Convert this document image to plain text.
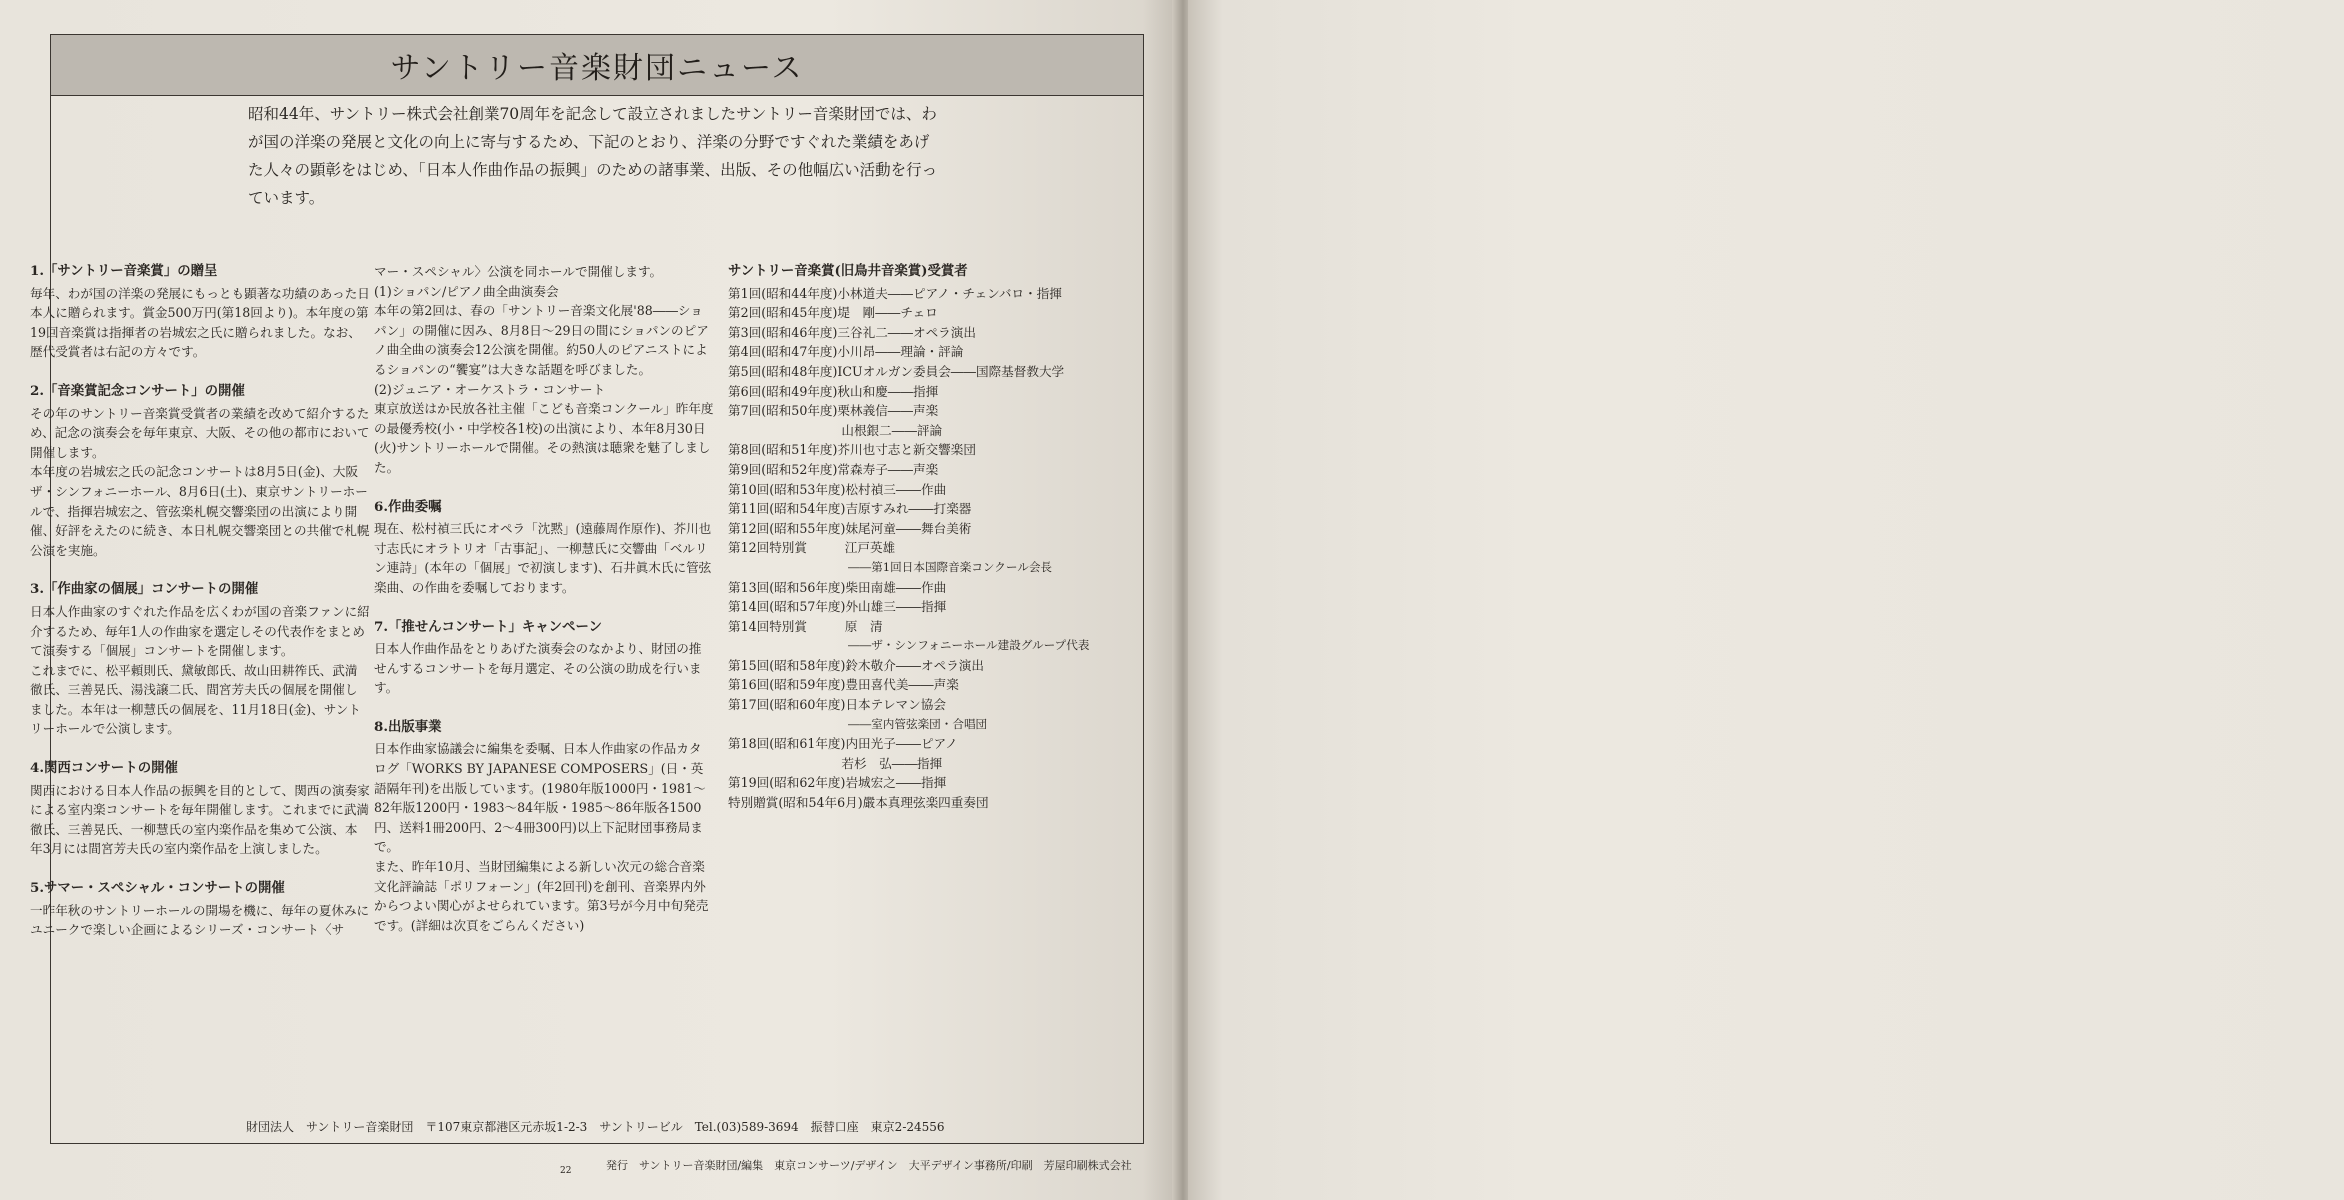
サントリー音楽財団ニュース
昭和44年、サントリー株式会社創業70周年を記念して設立されましたサントリー音楽財団では、わが国の洋楽の発展と文化の向上に寄与するため、下記のとおり、洋楽の分野ですぐれた業績をあげた人々の顕彰をはじめ、「日本人作曲作品の振興」のための諸事業、出版、その他幅広い活動を行っています。
1.「サントリー音楽賞」の贈呈
毎年、わが国の洋楽の発展にもっとも顕著な功績のあった日本人に贈られます。賞金500万円(第18回より)。本年度の第19回音楽賞は指揮者の岩城宏之氏に贈られました。なお、歴代受賞者は右記の方々です。
2.「音楽賞記念コンサート」の開催
その年のサントリー音楽賞受賞者の業績を改めて紹介するため、記念の演奏会を毎年東京、大阪、その他の都市において開催します。
本年度の岩城宏之氏の記念コンサートは8月5日(金)、大阪ザ・シンフォニーホール、8月6日(土)、東京サントリーホールで、指揮岩城宏之、管弦楽札幌交響楽団の出演により開催、好評をえたのに続き、本日札幌交響楽団との共催で札幌公演を実施。
3.「作曲家の個展」コンサートの開催
日本人作曲家のすぐれた作品を広くわが国の音楽ファンに紹介するため、毎年1人の作曲家を選定しその代表作をまとめて演奏する「個展」コンサートを開催します。
これまでに、松平頼則氏、黛敏郎氏、故山田耕筰氏、武満徹氏、三善晃氏、湯浅譲二氏、間宮芳夫氏の個展を開催しました。本年は一柳慧氏の個展を、11月18日(金)、サントリーホールで公演します。
4.関西コンサートの開催
関西における日本人作品の振興を目的として、関西の演奏家による室内楽コンサートを毎年開催します。これまでに武満徹氏、三善晃氏、一柳慧氏の室内楽作品を集めて公演、本年3月には間宮芳夫氏の室内楽作品を上演しました。
5.サマー・スペシャル・コンサートの開催
一昨年秋のサントリーホールの開場を機に、毎年の夏休みにユニークで楽しい企画によるシリーズ・コンサート〈サ
マー・スペシャル〉公演を同ホールで開催します。
(1)ショパン/ピアノ曲全曲演奏会
本年の第2回は、春の「サントリー音楽文化展'88――ショパン」の開催に因み、8月8日〜29日の間にショパンのピアノ曲全曲の演奏会12公演を開催。約50人のピアニストによるショパンの“饗宴”は大きな話題を呼びました。
(2)ジュニア・オーケストラ・コンサート
東京放送はか民放各社主催「こども音楽コンクール」昨年度の最優秀校(小・中学校各1校)の出演により、本年8月30日(火)サントリーホールで開催。その熱演は聴衆を魅了しました。
6.作曲委嘱
現在、松村禎三氏にオペラ「沈黙」(遠藤周作原作)、芥川也寸志氏にオラトリオ「古事記」、一柳慧氏に交響曲「ベルリン連詩」(本年の「個展」で初演します)、石井眞木氏に管弦楽曲、の作曲を委嘱しております。
7.「推せんコンサート」キャンペーン
日本人作曲作品をとりあげた演奏会のなかより、財団の推せんするコンサートを毎月選定、その公演の助成を行います。
8.出版事業
日本作曲家協議会に編集を委嘱、日本人作曲家の作品カタログ「WORKS BY JAPANESE COMPOSERS」(日・英語隔年刊)を出版しています。(1980年版1000円・1981〜82年版1200円・1983〜84年版・1985〜86年版各1500円、送料1冊200円、2〜4冊300円)以上下記財団事務局まで。
また、昨年10月、当財団編集による新しい次元の総合音楽文化評論誌「ポリフォーン」(年2回刊)を創刊、音楽界内外からつよい関心がよせられています。第3号が今月中旬発売です。(詳細は次頁をごらんください)
サントリー音楽賞(旧鳥井音楽賞)受賞者
第1回(昭和44年度)小林道夫――ピアノ・チェンバロ・指揮
第2回(昭和45年度)堤　剛――チェロ
第3回(昭和46年度)三谷礼二――オペラ演出
第4回(昭和47年度)小川昂――理論・評論
第5回(昭和48年度)ICUオルガン委員会――国際基督教大学
第6回(昭和49年度)秋山和慶――指揮
第7回(昭和50年度)栗林義信――声楽
　　　　　　　　　山根銀二――評論
第8回(昭和51年度)芥川也寸志と新交響楽団
第9回(昭和52年度)常森寿子――声楽
第10回(昭和53年度)松村禎三――作曲
第11回(昭和54年度)吉原すみれ――打楽器
第12回(昭和55年度)妹尾河童――舞台美術
第12回特別賞　　　江戸英雄
――第1回日本国際音楽コンクール会長
第13回(昭和56年度)柴田南雄――作曲
第14回(昭和57年度)外山雄三――指揮
第14回特別賞　　　原　清
――ザ・シンフォニーホール建設グループ代表
第15回(昭和58年度)鈴木敬介――オペラ演出
第16回(昭和59年度)豊田喜代美――声楽
第17回(昭和60年度)日本テレマン協会
――室内管弦楽団・合唱団
第18回(昭和61年度)内田光子――ピアノ
　　　　　　　　　若杉　弘――指揮
第19回(昭和62年度)岩城宏之――指揮
特別贈賞(昭和54年6月)嚴本真理弦楽四重奏団
財団法人　サントリー音楽財団　〒107東京都港区元赤坂1-2-3　サントリービル　Tel.(03)589-3694　振替口座　東京2-24556
22	発行　サントリー音楽財団/編集　東京コンサーツ/デザイン　大平デザイン事務所/印刷　芳屋印刷株式会社
